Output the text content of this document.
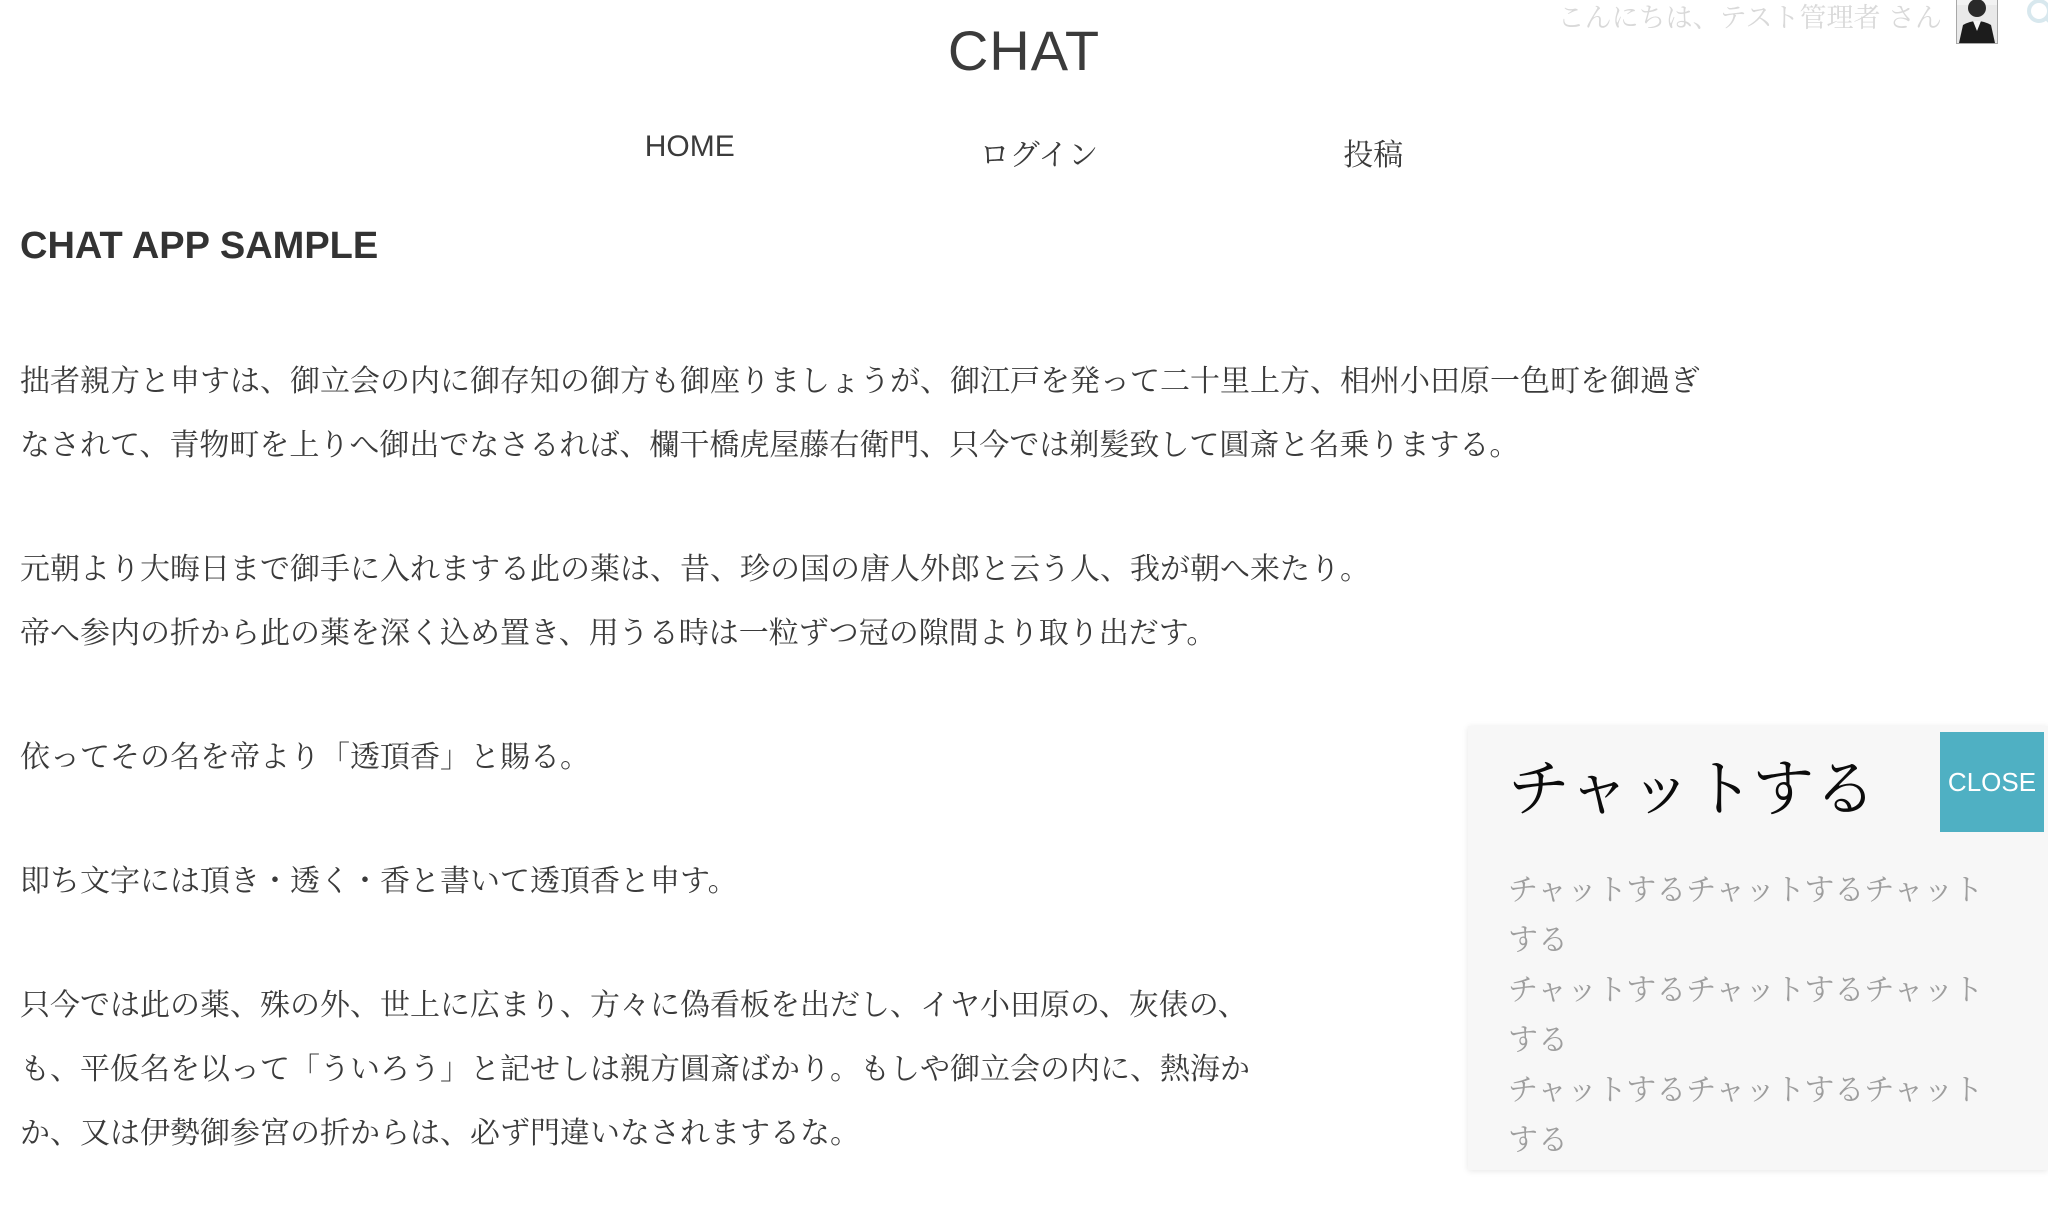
こんにちは、テスト管理者 さん
CHAT
HOME	ログイン	投稿
CHAT APP SAMPLE
拙者親方と申すは、御立会の内に御存知の御方も御座りましょうが、御江戸を発って二十里上方、相州小田原一色町を御過ぎ
なされて、青物町を上りへ御出でなさるれば、欄干橋虎屋藤右衛門、只今では剃髪致して圓斎と名乗りまする。
元朝より大晦日まで御手に入れまする此の薬は、昔、珍の国の唐人外郎と云う人、我が朝へ来たり。
帝へ参内の折から此の薬を深く込め置き、用うる時は一粒ずつ冠の隙間より取り出だす。
依ってその名を帝より「透頂香」と賜る。
即ち文字には頂き・透く・香と書いて透頂香と申す。
只今では此の薬、殊の外、世上に広まり、方々に偽看板を出だし、イヤ小田原の、灰俵の、
も、平仮名を以って「ういろう」と記せしは親方圓斎ばかり。もしや御立会の内に、熱海か
か、又は伊勢御参宮の折からは、必ず門違いなされまするな。
チャットする	CLOSE
チャットするチャットするチャットする
チャットするチャットするチャットする
チャットするチャットするチャットする
